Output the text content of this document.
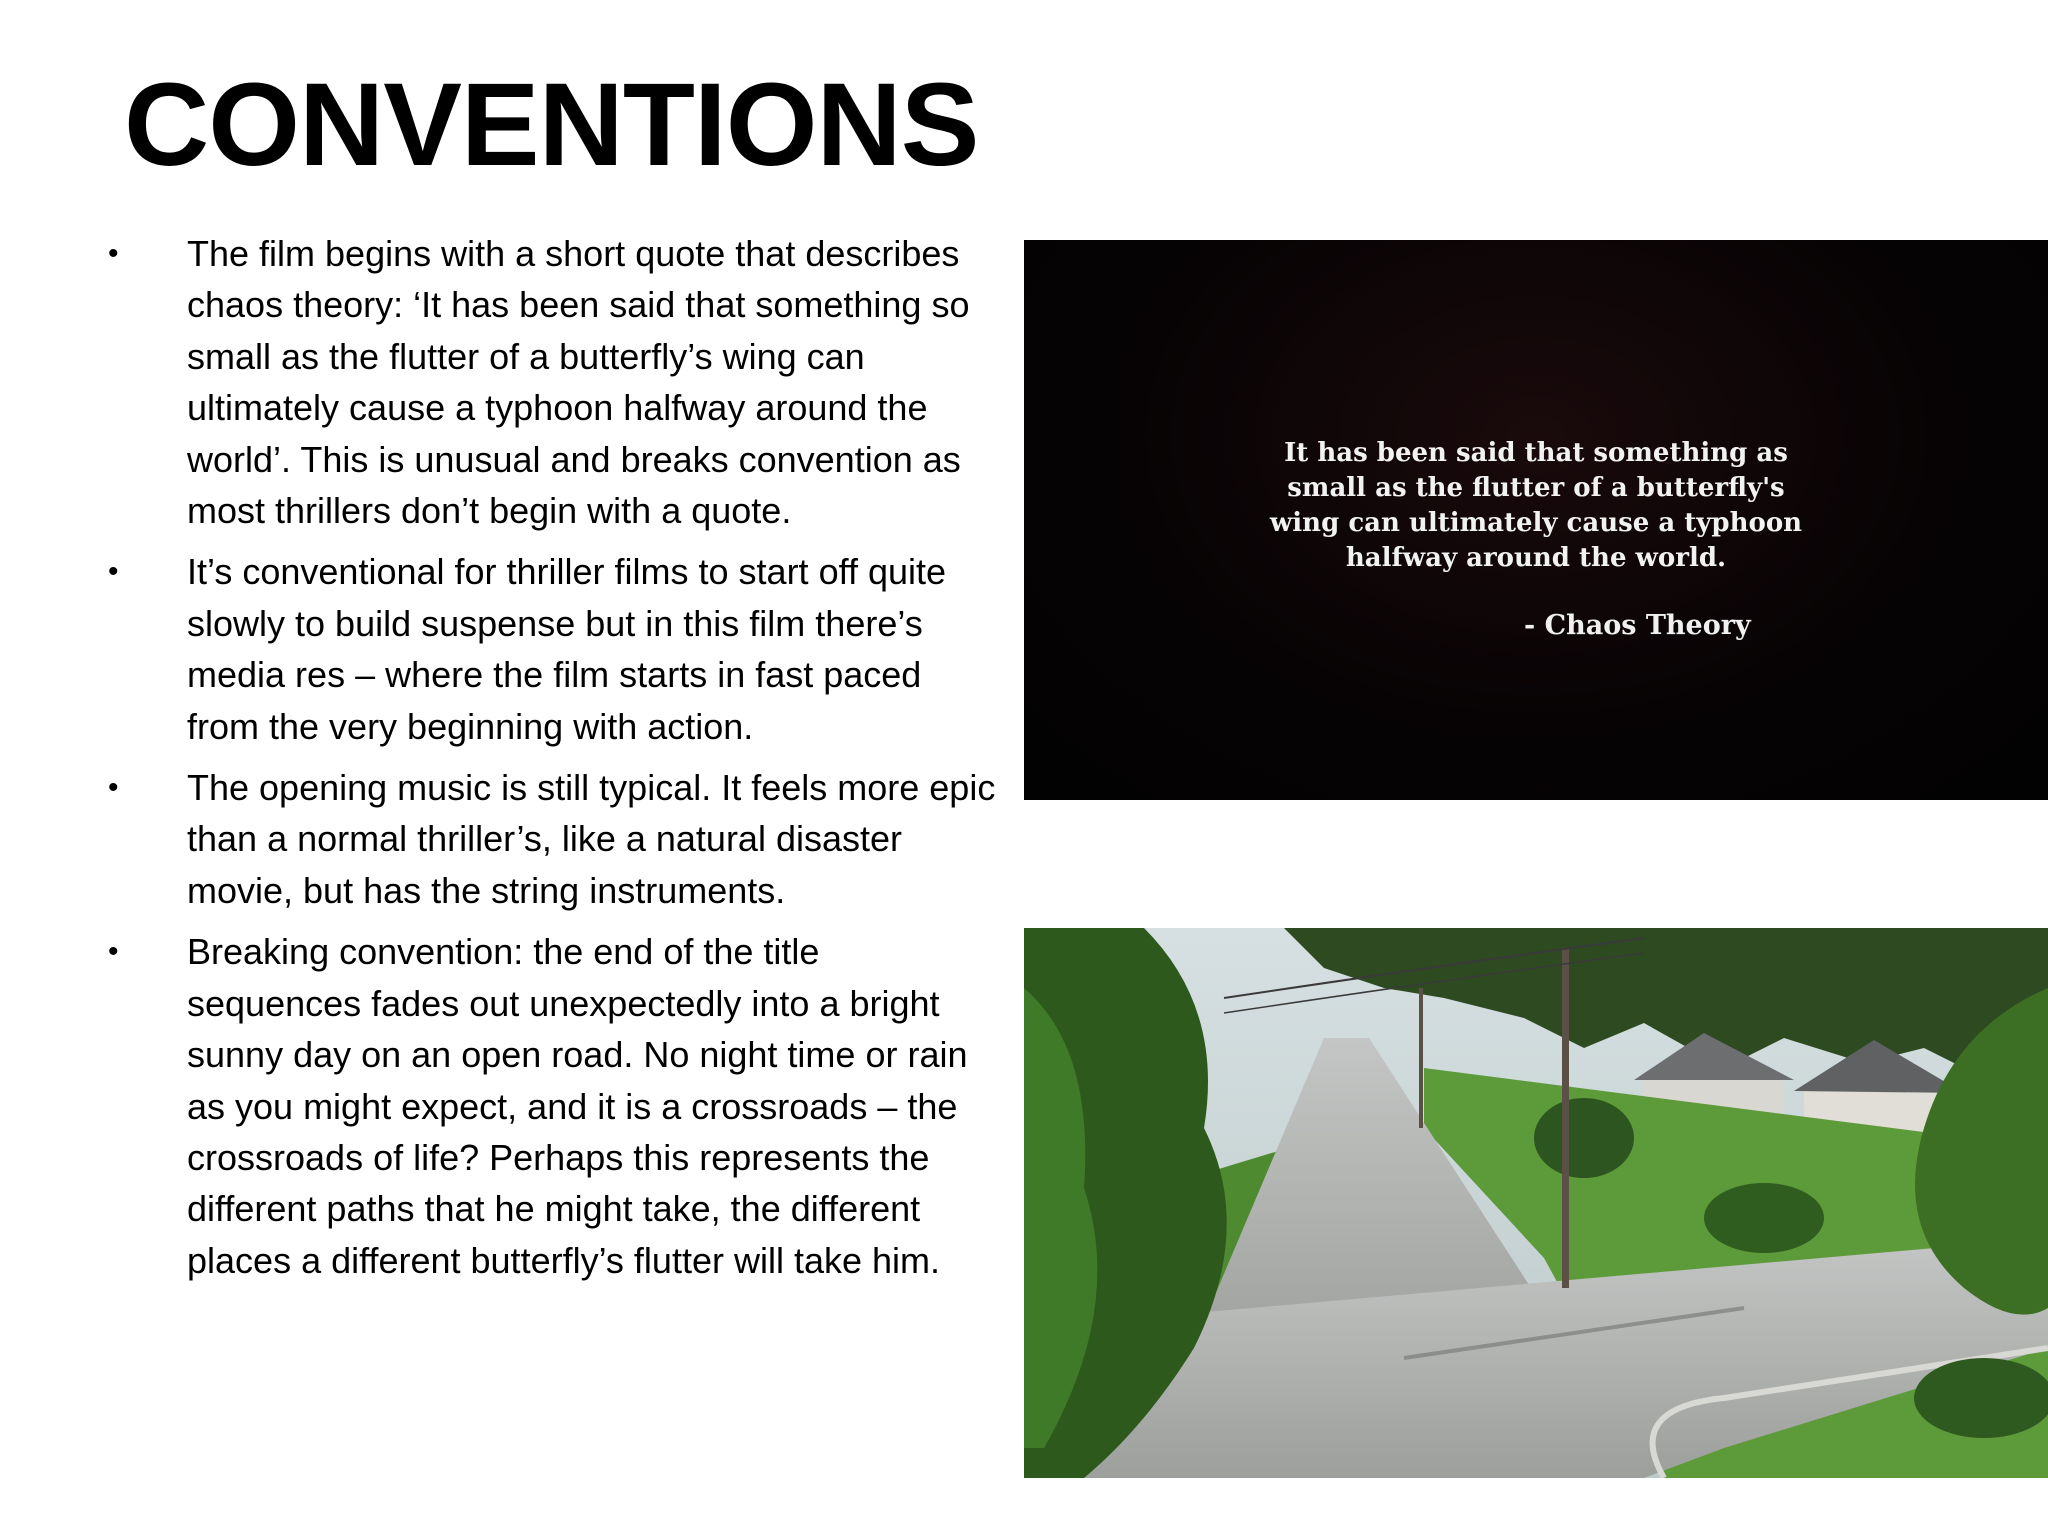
CONVENTIONS
• The film begins with a short quote that describes chaos theory: ‘It has been said that something so small as the flutter of a butterfly’s wing can ultimately cause a typhoon halfway around the world’. This is unusual and breaks convention as most thrillers don’t begin with a quote.
• It’s conventional for thriller films to start off quite slowly to build suspense but in this film there’s media res – where the film starts in fast paced from the very beginning with action.
• The opening music is still typical. It feels more epic than a normal thriller’s, like a natural disaster movie, but has the string instruments.
• Breaking convention: the end of the title sequences fades out unexpectedly into a bright sunny day on an open road. No night time or rain as you might expect, and it is a crossroads – the crossroads of life? Perhaps this represents the different paths that he might take, the different places a different butterfly’s flutter will take him.
It has been said that something as
small as the flutter of a butterfly's
wing can ultimately cause a typhoon
halfway around the world.
- Chaos Theory
